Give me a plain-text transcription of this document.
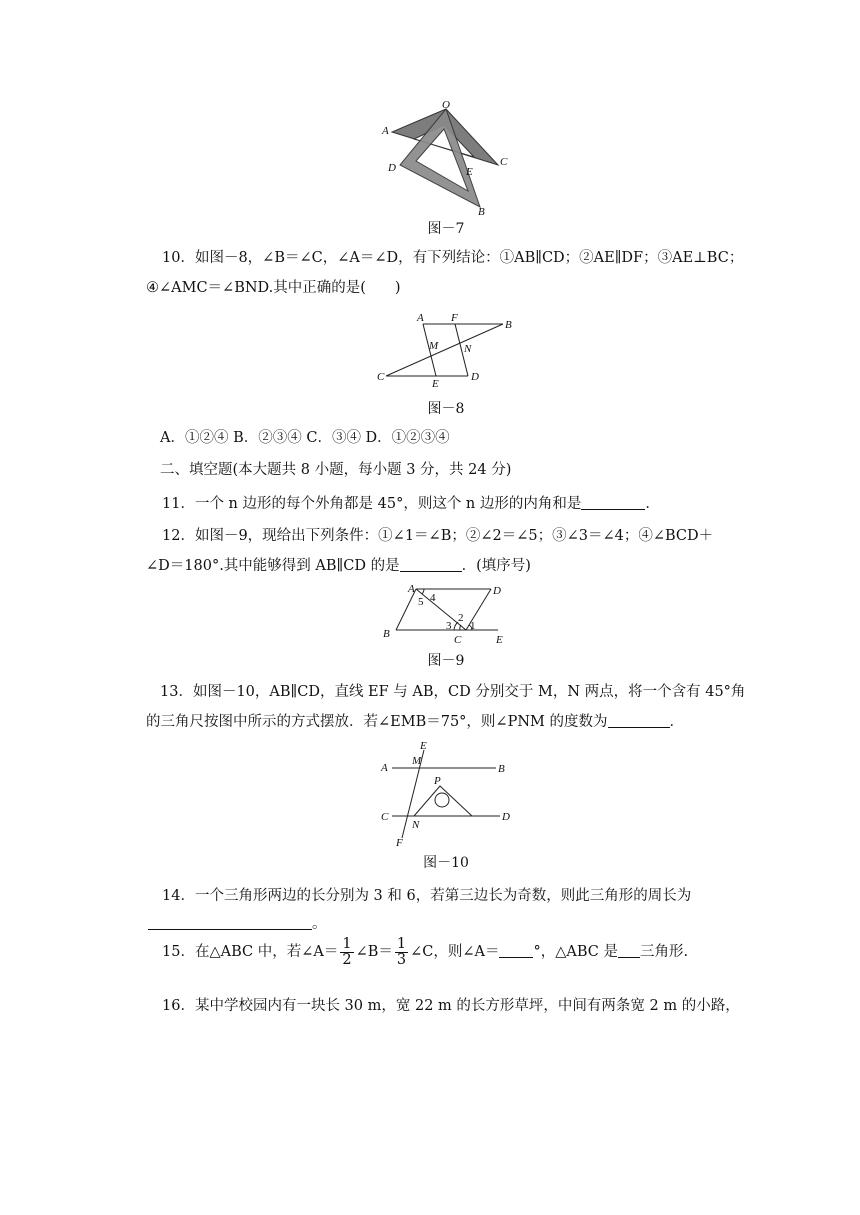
O
A
D	C
E
B
图－7
10．如图－8，∠B＝∠C，∠A＝∠D，有下列结论：①AB∥CD；②AE∥DF；③AE⊥BC；
④∠AMC＝∠BND.其中正确的是(　　)
A F
B
M N
C
E
D
图－8
A．①②④ B．②③④ C．③④ D．①②③④
二、填空题(本大题共 8 小题，每小题 3 分，共 24 分)
11．一个 n 边形的每个外角都是 45°，则这个 n 边形的内角和是	．
12．如图－9，现给出下列条件：①∠1＝∠B；②∠2＝∠5；③∠3＝∠4；④∠BCD＋
∠D＝180°.其中能够得到 AB∥CD 的是	．(填序号)
A	D
B	C	E
1
2
3
4
5
图－9
13．如图－10，AB∥CD，直线 EF 与 AB，CD 分别交于 M，N 两点，将一个含有 45°角
的三角尺按图中所示的方式摆放．若∠EMB＝75°，则∠PNM 的度数为	．
E
A
M
B
P
C
N
D
F
图－10
14．一个三角形两边的长分别为 3 和 6，若第三边长为奇数，则此三角形的周长为
。
15．在△ABC 中，若∠A＝ $\frac{1}{2}$ ∠B＝ $\frac{1}{3}$ ∠C，则∠A＝ °，△ABC 是 三角形.
16．某中学校园内有一块长 30 m，宽 22 m 的长方形草坪，中间有两条宽 2 m 的小路，
